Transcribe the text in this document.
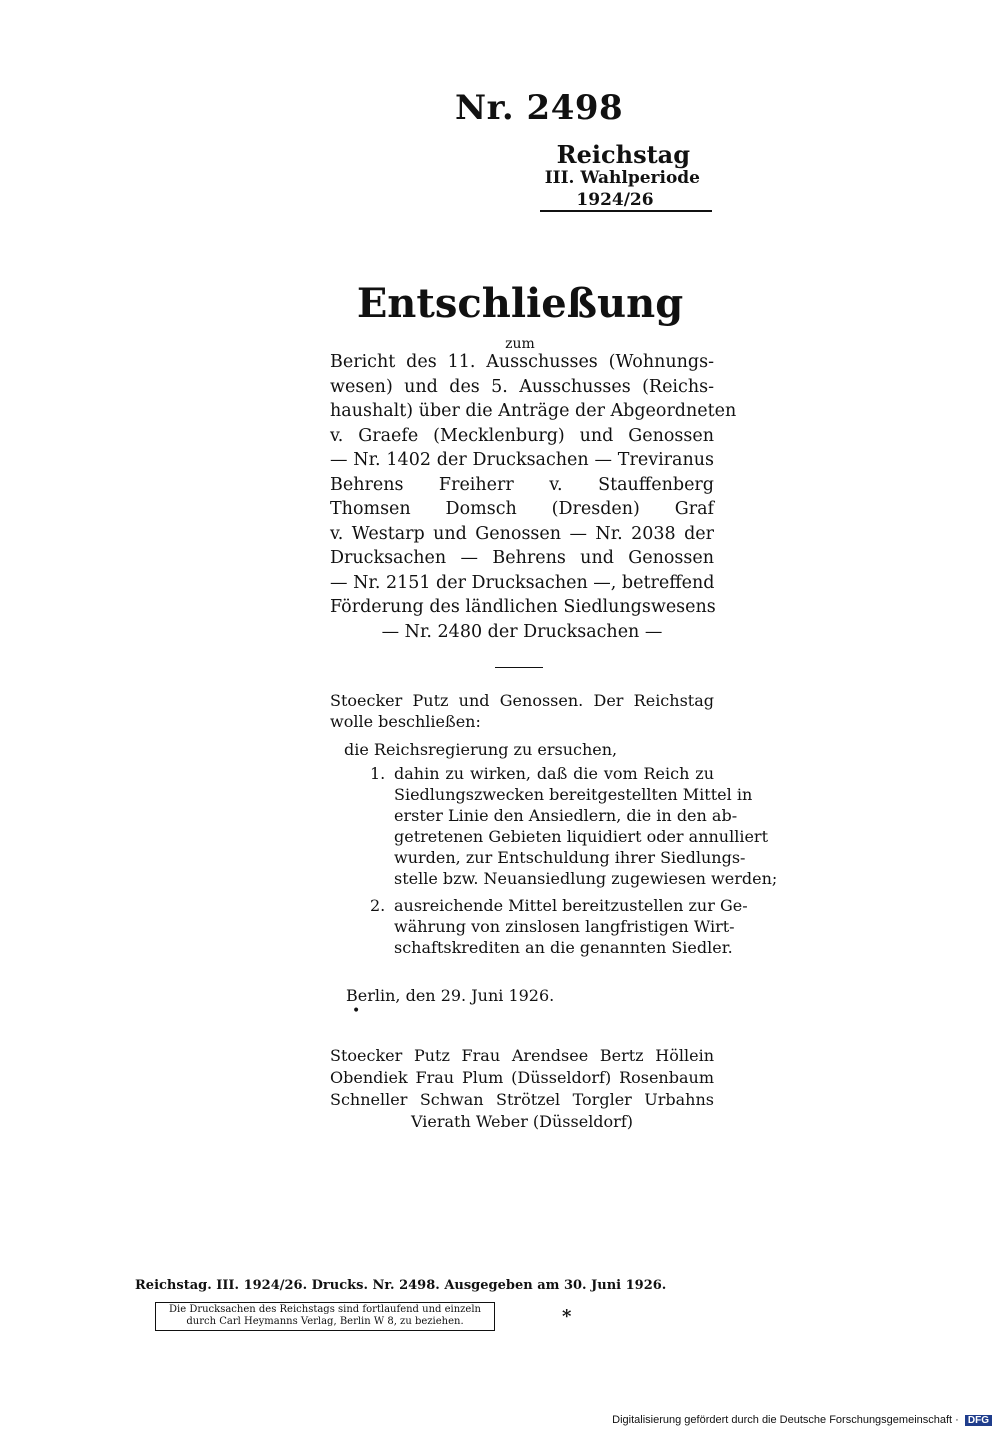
Nr. 2498
Reichstag
III. Wahlperiode
1924/26
Entschließung
zum
Bericht des 11. Ausschusses (Wohnungs-
wesen) und des 5. Ausschusses (Reichs-
haushalt) über die Anträge der Abgeordneten
v. Graefe (Mecklenburg) und Genossen
— Nr. 1402 der Drucksachen — Treviranus
Behrens Freiherr v. Stauffenberg
Thomsen Domsch (Dresden) Graf
v. Westarp und Genossen — Nr. 2038 der
Drucksachen — Behrens und Genossen
— Nr. 2151 der Drucksachen —, betreffend
Förderung des ländlichen Siedlungswesens
— Nr. 2480 der Drucksachen —
Stoecker Putz und Genossen. Der Reichstag
wolle beschließen:
die Reichsregierung zu ersuchen,
1. dahin zu wirken, daß die vom Reich zu
Siedlungszwecken bereitgestellten Mittel in
erster Linie den Ansiedlern, die in den ab-
getretenen Gebieten liquidiert oder annulliert
wurden, zur Entschuldung ihrer Siedlungs-
stelle bzw. Neuansiedlung zugewiesen werden;
2. ausreichende Mittel bereitzustellen zur Ge-
währung von zinslosen langfristigen Wirt-
schaftskrediten an die genannten Siedler.
Berlin, den 29. Juni 1926.
•
Stoecker Putz Frau Arendsee Bertz Höllein
Obendiek Frau Plum (Düsseldorf) Rosenbaum
Schneller Schwan Strötzel Torgler Urbahns
Vierath Weber (Düsseldorf)
Reichstag. III. 1924/26. Drucks. Nr. 2498. Ausgegeben am 30. Juni 1926.
Die Drucksachen des Reichstags sind fortlaufend und einzeln
durch Carl Heymanns Verlag, Berlin W 8, zu beziehen.	*
Digitalisierung gefördert durch die Deutsche Forschungsgemeinschaft · DFG
